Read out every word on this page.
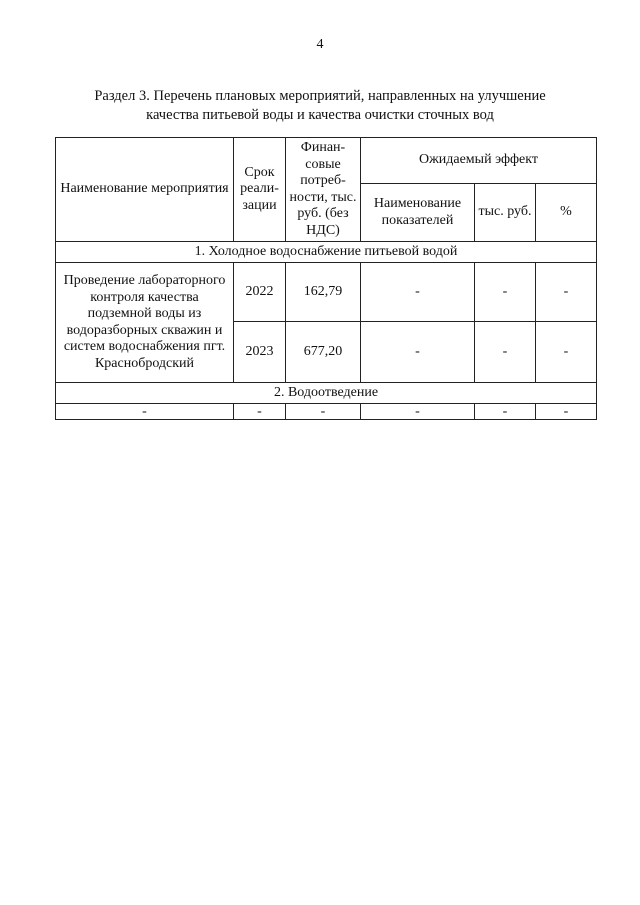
4
Раздел 3. Перечень плановых мероприятий, направленных на улучшение
качества питьевой воды и качества очистки сточных вод
Наименование мероприятия	Срок реали-зации	Финан-совые потреб-ности, тыс. руб. (без НДС)	Ожидаемый эффект		
			Наименование показателей	тыс. руб.	%
1. Холодное водоснабжение питьевой водой					
Проведение лабораторного контроля качества подземной воды из водоразборных скважин и систем водоснабжения пгт. Краснобродский	2022	162,79	-	-	-
	2023	677,20	-	-	-
2. Водоотведение					
-	-	-	-	-	-
